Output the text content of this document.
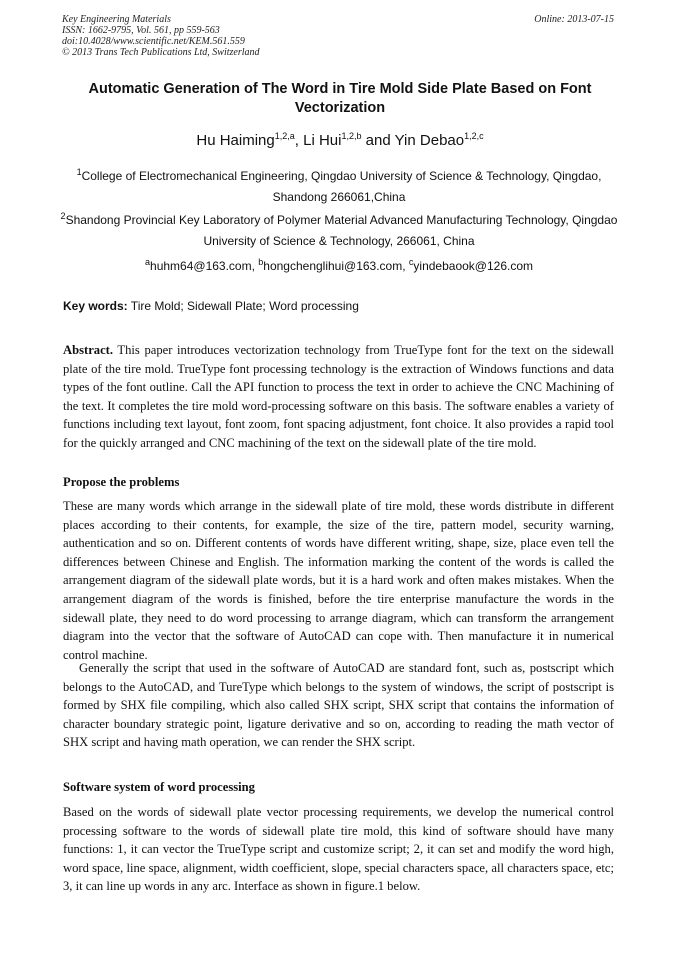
Key Engineering Materials
ISSN: 1662-9795, Vol. 561, pp 559-563
doi:10.4028/www.scientific.net/KEM.561.559
© 2013 Trans Tech Publications Ltd, Switzerland
Online: 2013-07-15
Automatic Generation of The Word in Tire Mold Side Plate Based on Font Vectorization
Hu Haiming$^{1,2,a}$, Li Hui$^{1,2,b}$ and Yin Debao$^{1,2,c}$
$^1$College of Electromechanical Engineering, Qingdao University of Science & Technology, Qingdao, Shandong 266061,China
$^2$Shandong Provincial Key Laboratory of Polymer Material Advanced Manufacturing Technology, Qingdao University of Science & Technology, 266061, China
$^a$huhm64@163.com, $^b$hongchenglihui@163.com, $^c$yindebaook@126.com
Key words: Tire Mold; Sidewall Plate; Word processing
Abstract. This paper introduces vectorization technology from TrueType font for the text on the sidewall plate of the tire mold. TrueType font processing technology is the extraction of Windows functions and data types of the font outline. Call the API function to process the text in order to achieve the CNC Machining of the text. It completes the tire mold word-processing software on this basis. The software enables a variety of functions including text layout, font zoom, font spacing adjustment, font choice. It also provides a rapid tool for the quickly arranged and CNC machining of the text on the sidewall plate of the tire mold.
Propose the problems
These are many words which arrange in the sidewall plate of tire mold, these words distribute in different places according to their contents, for example, the size of the tire, pattern model, security warning, authentication and so on. Different contents of words have different writing, shape, size, place even tell the differences between Chinese and English. The information marking the content of the words is called the arrangement diagram of the sidewall plate words, but it is a hard work and often makes mistakes. When the arrangement diagram of the words is finished, before the tire enterprise manufacture the words in the sidewall plate, they need to do word processing to arrange diagram, which can transform the arrangement diagram into the vector that the software of AutoCAD can cope with. Then manufacture it in numerical control machine.
Generally the script that used in the software of AutoCAD are standard font, such as, postscript which belongs to the AutoCAD, and TureType which belongs to the system of windows, the script of postscript is formed by SHX file compiling, which also called SHX script, SHX script that contains the information of character boundary strategic point, ligature derivative and so on, according to reading the math vector of SHX script and having math operation, we can render the SHX script.
Software system of word processing
Based on the words of sidewall plate vector processing requirements, we develop the numerical control processing software to the words of sidewall plate tire mold, this kind of software should have many functions: 1, it can vector the TrueType script and customize script; 2, it can set and modify the word high, word space, line space, alignment, width coefficient, slope, special characters space, all characters space, etc; 3, it can line up words in any arc. Interface as shown in figure.1 below.
